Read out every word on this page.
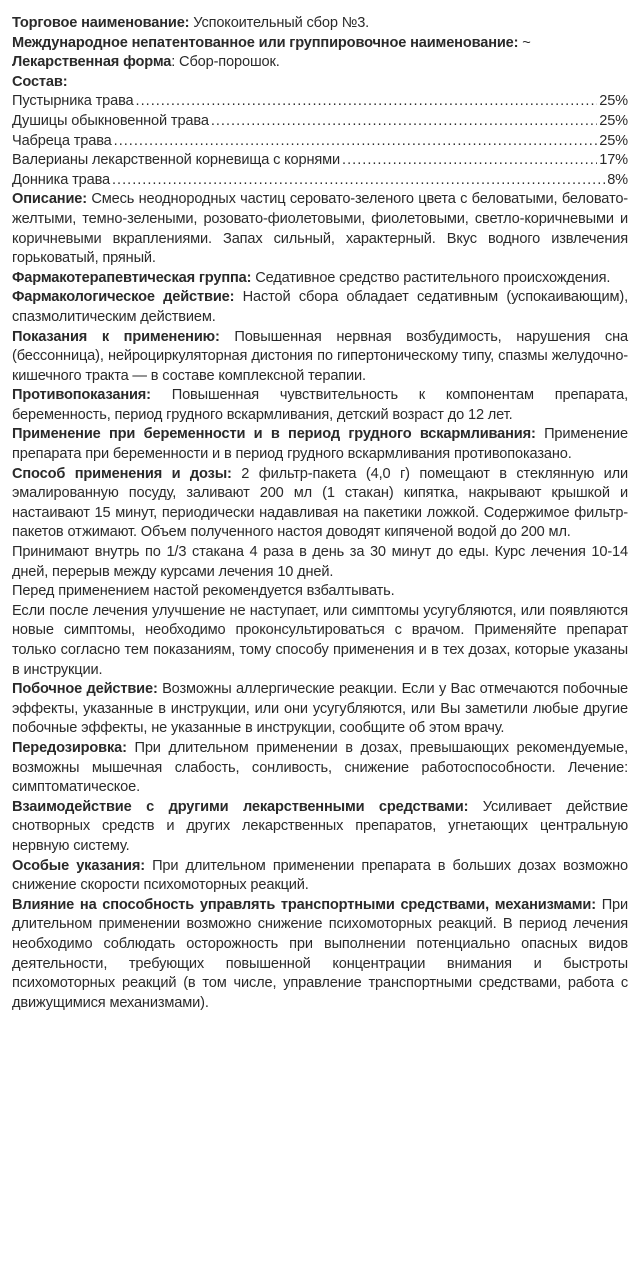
Торговое наименование: Успокоительный сбор №3.

Международное непатентованное или группировочное наименование: ~

Лекарственная форма: Сбор-порошок.

Состав:

Пустырника трава .....	25%
Душицы обыкновенной трава .....	25%
Чабреца трава .....	25%
Валерианы лекарственной корневища с корнями .....	17%
Донника трава .....	8%

Описание: Смесь неоднородных частиц серовато-зеленого цвета с беловатыми, беловато-желтыми, темно-зелеными, розовато-фиолетовыми, фиолетовыми, светло-коричневыми и коричневыми вкраплениями. Запах сильный, характерный. Вкус водного извлечения горьковатый, пряный.

Фармакотерапевтическая группа: Седативное средство растительного происхождения.

Фармакологическое действие: Настой сбора обладает седативным (успокаивающим), спазмолитическим действием.

Показания к применению: Повышенная нервная возбудимость, нарушения сна (бессонница), нейроциркуляторная дистония по гипертоническому типу, спазмы желудочно-кишечного тракта — в составе комплексной терапии.

Противопоказания: Повышенная чувствительность к компонентам препарата, беременность, период грудного вскармливания, детский возраст до 12 лет.

Применение при беременности и в период грудного вскармливания: Применение препарата при беременности и в период грудного вскармливания противопоказано.

Способ применения и дозы: 2 фильтр-пакета (4,0 г) помещают в стеклянную или эмалированную посуду, заливают 200 мл (1 стакан) кипятка, накрывают крышкой и настаивают 15 минут, периодически надавливая на пакетики ложкой. Содержимое фильтр-пакетов отжимают. Объем полученного настоя доводят кипяченой водой до 200 мл.

Принимают внутрь по 1/3 стакана 4 раза в день за 30 минут до еды. Курс лечения 10-14 дней, перерыв между курсами лечения 10 дней.

Перед применением настой рекомендуется взбалтывать.

Если после лечения улучшение не наступает, или симптомы усугубляются, или появляются новые симптомы, необходимо проконсультироваться с врачом. Применяйте препарат только согласно тем показаниям, тому способу применения и в тех дозах, которые указаны в инструкции.

Побочное действие: Возможны аллергические реакции. Если у Вас отмечаются побочные эффекты, указанные в инструкции, или они усугубляются, или Вы заметили любые другие побочные эффекты, не указанные в инструкции, сообщите об этом врачу.

Передозировка: При длительном применении в дозах, превышающих рекомендуемые, возможны мышечная слабость, сонливость, снижение работоспособности. Лечение: симптоматическое.

Взаимодействие с другими лекарственными средствами: Усиливает действие снотворных средств и других лекарственных препаратов, угнетающих центральную нервную систему.

Особые указания: При длительном применении препарата в больших дозах возможно снижение скорости психомоторных реакций.

Влияние на способность управлять транспортными средствами, механизмами: При длительном применении возможно снижение психомоторных реакций. В период лечения необходимо соблюдать осторожность при выполнении потенциально опасных видов деятельности, требующих повышенной концентрации внимания и быстроты психомоторных реакций (в том числе, управление транспортными средствами, работа с движущимися механизмами).
